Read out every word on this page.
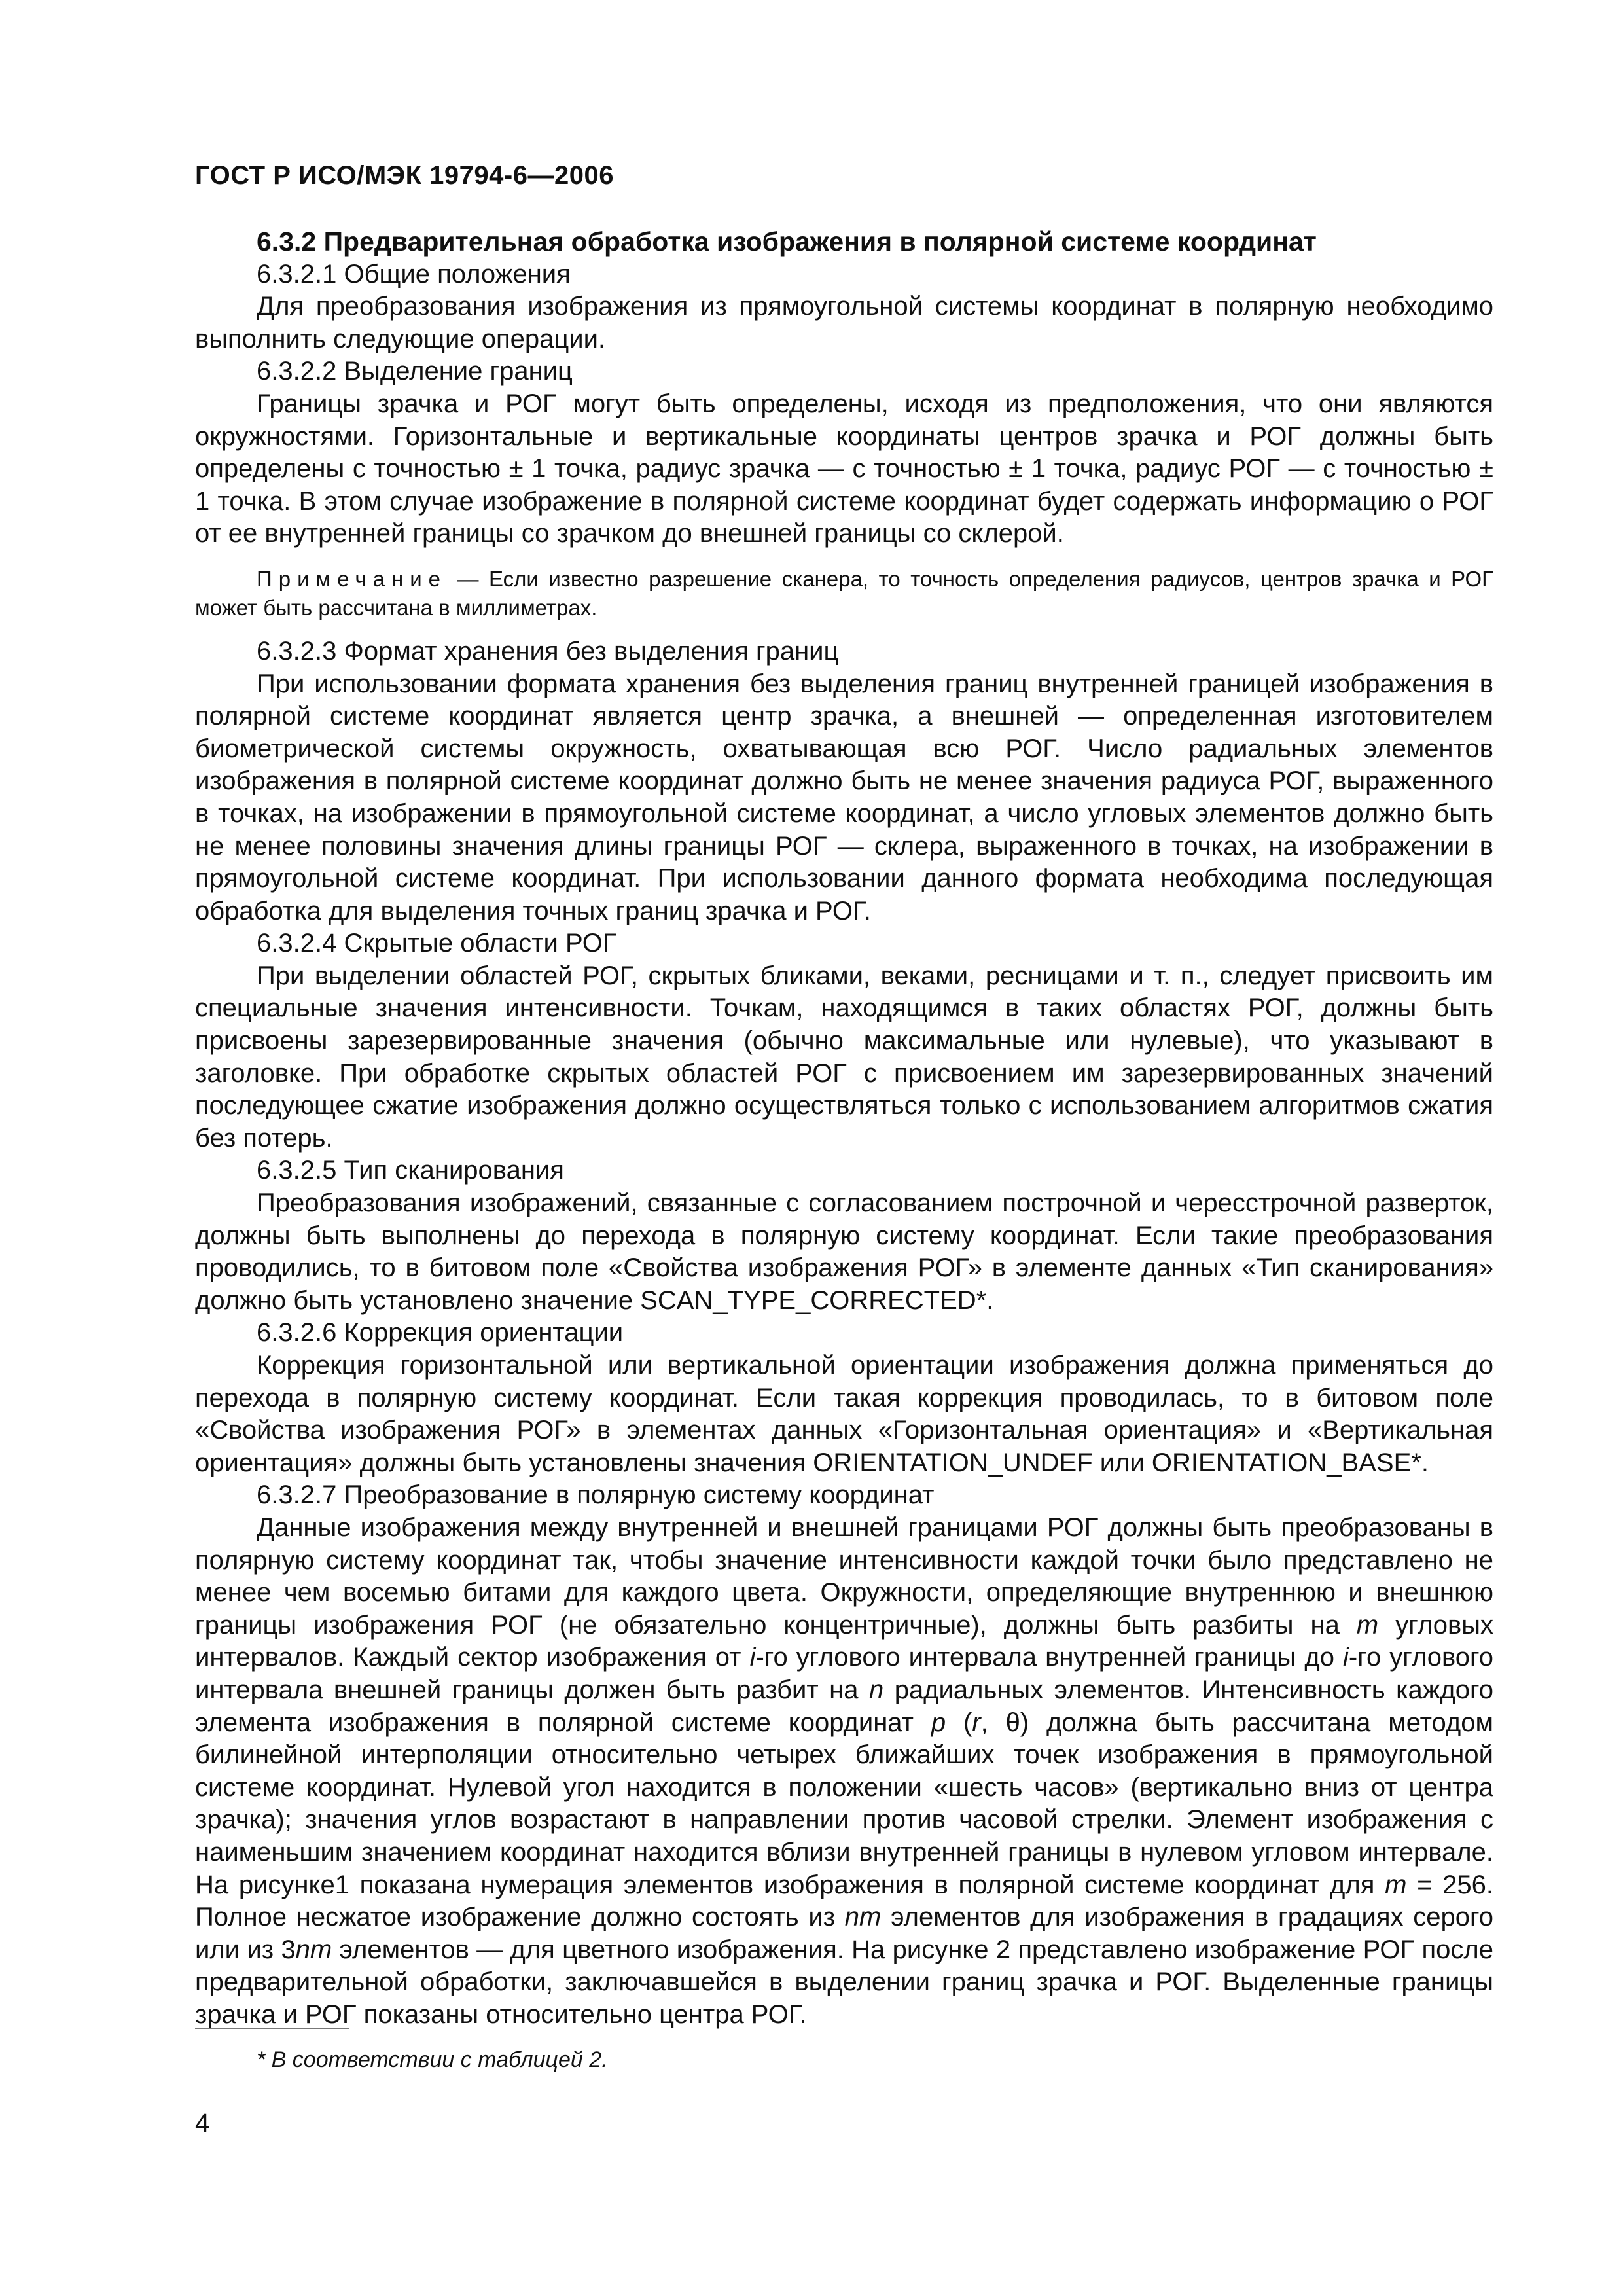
ГОСТ Р ИСО/МЭК 19794-6—2006

6.3.2 Предварительная обработка изображения в полярной системе координат

6.3.2.1 Общие положения

Для преобразования изображения из прямоугольной системы координат в полярную необходимо выполнить следующие операции.

6.3.2.2 Выделение границ

Границы зрачка и РОГ могут быть определены, исходя из предположения, что они являются окружностями. Горизонтальные и вертикальные координаты центров зрачка и РОГ должны быть определены с точностью ± 1 точка, радиус зрачка — с точностью ± 1 точка, радиус РОГ — с точностью ± 1 точка. В этом случае изображение в полярной системе координат будет содержать информацию о РОГ от ее внутренней границы со зрачком до внешней границы со склерой.

Примечание — Если известно разрешение сканера, то точность определения радиусов, центров зрачка и РОГ может быть рассчитана в миллиметрах.

6.3.2.3 Формат хранения без выделения границ

При использовании формата хранения без выделения границ внутренней границей изображения в полярной системе координат является центр зрачка, а внешней — определенная изготовителем биометрической системы окружность, охватывающая всю РОГ. Число радиальных элементов изображения в полярной системе координат должно быть не менее значения радиуса РОГ, выраженного в точках, на изображении в прямоугольной системе координат, а число угловых элементов должно быть не менее половины значения длины границы РОГ — склера, выраженного в точках, на изображении в прямоугольной системе координат. При использовании данного формата необходима последующая обработка для выделения точных границ зрачка и РОГ.

6.3.2.4 Скрытые области РОГ

При выделении областей РОГ, скрытых бликами, веками, ресницами и т. п., следует присвоить им специальные значения интенсивности. Точкам, находящимся в таких областях РОГ, должны быть присвоены зарезервированные значения (обычно максимальные или нулевые), что указывают в заголовке. При обработке скрытых областей РОГ с присвоением им зарезервированных значений последующее сжатие изображения должно осуществляться только с использованием алгоритмов сжатия без потерь.

6.3.2.5 Тип сканирования

Преобразования изображений, связанные с согласованием построчной и чересстрочной разверток, должны быть выполнены до перехода в полярную систему координат. Если такие преобразования проводились, то в битовом поле «Свойства изображения РОГ» в элементе данных «Тип сканирования» должно быть установлено значение SCAN_TYPE_CORRECTED*.

6.3.2.6 Коррекция ориентации

Коррекция горизонтальной или вертикальной ориентации изображения должна применяться до перехода в полярную систему координат. Если такая коррекция проводилась, то в битовом поле «Свойства изображения РОГ» в элементах данных «Горизонтальная ориентация» и «Вертикальная ориентация» должны быть установлены значения ORIENTATION_UNDEF или ORIENTATION_BASE*.

6.3.2.7 Преобразование в полярную систему координат

Данные изображения между внутренней и внешней границами РОГ должны быть преобразованы в полярную систему координат так, чтобы значение интенсивности каждой точки было представлено не менее чем восемью битами для каждого цвета. Окружности, определяющие внутреннюю и внешнюю границы изображения РОГ (не обязательно концентричные), должны быть разбиты на m угловых интервалов. Каждый сектор изображения от i-го углового интервала внутренней границы до i-го углового интервала внешней границы должен быть разбит на n радиальных элементов. Интенсивность каждого элемента изображения в полярной системе координат p (r, θ) должна быть рассчитана методом билинейной интерполяции относительно четырех ближайших точек изображения в прямоугольной системе координат. Нулевой угол находится в положении «шесть часов» (вертикально вниз от центра зрачка); значения углов возрастают в направлении против часовой стрелки. Элемент изображения с наименьшим значением координат находится вблизи внутренней границы в нулевом угловом интервале. На рисунке1 показана нумерация элементов изображения в полярной системе координат для m = 256. Полное несжатое изображение должно состоять из nm элементов для изображения в градациях серого или из 3nm элементов — для цветного изображения. На рисунке 2 представлено изображение РОГ после предварительной обработки, заключавшейся в выделении границ зрачка и РОГ. Выделенные границы зрачка и РОГ показаны относительно центра РОГ.

* В соответствии с таблицей 2.
4
